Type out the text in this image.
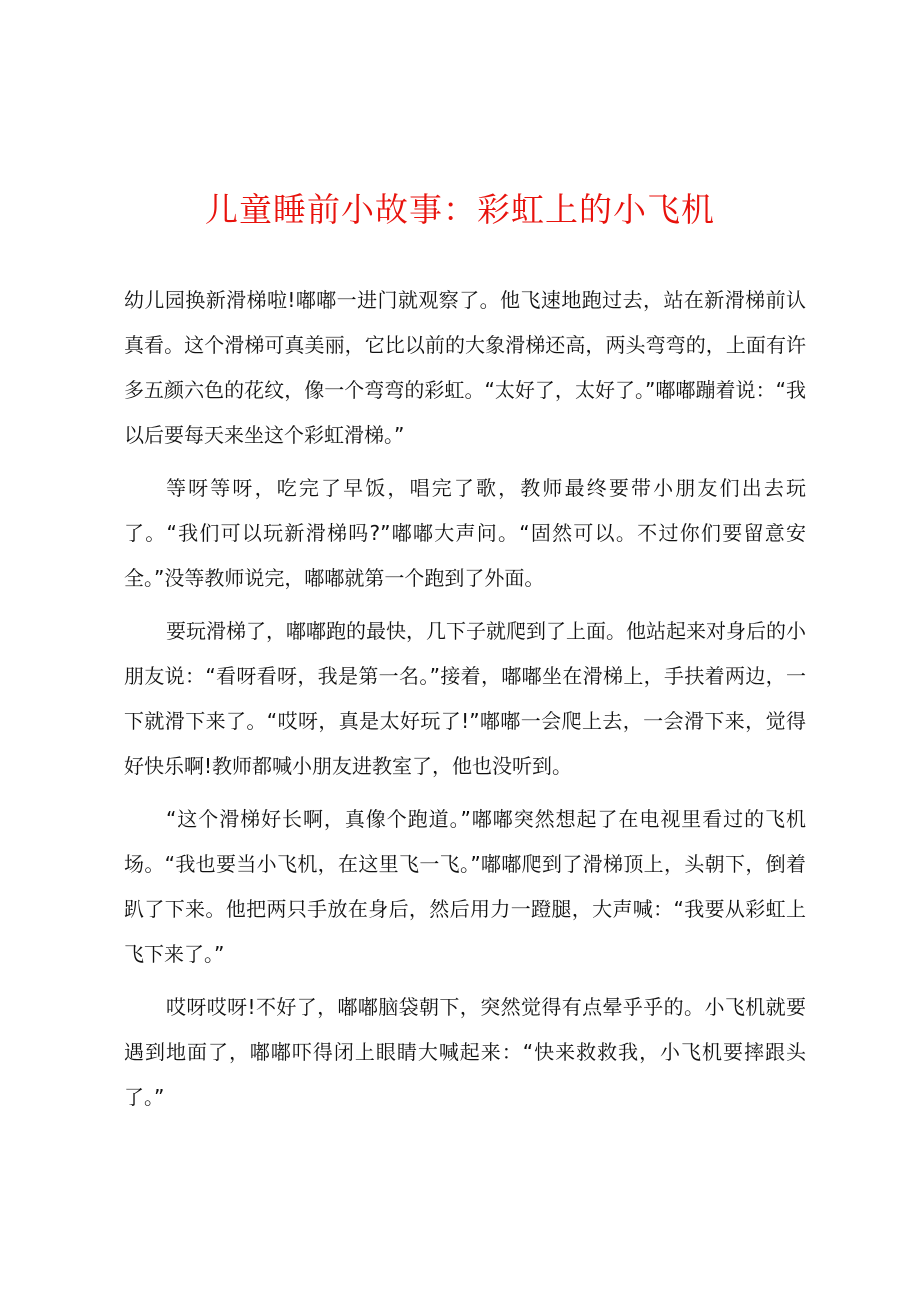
儿童睡前小故事：彩虹上的小飞机

幼儿园换新滑梯啦!嘟嘟一进门就观察了。他飞速地跑过去，站在新滑梯前认真看。这个滑梯可真美丽，它比以前的大象滑梯还高，两头弯弯的，上面有许多五颜六色的花纹，像一个弯弯的彩虹。“太好了，太好了。”嘟嘟蹦着说：“我以后要每天来坐这个彩虹滑梯。”

等呀等呀，吃完了早饭，唱完了歌，教师最终要带小朋友们出去玩了。“我们可以玩新滑梯吗?”嘟嘟大声问。“固然可以。不过你们要留意安全。”没等教师说完，嘟嘟就第一个跑到了外面。

要玩滑梯了，嘟嘟跑的最快，几下子就爬到了上面。他站起来对身后的小朋友说：“看呀看呀，我是第一名。”接着，嘟嘟坐在滑梯上，手扶着两边，一下就滑下来了。“哎呀，真是太好玩了!”嘟嘟一会爬上去，一会滑下来，觉得好快乐啊!教师都喊小朋友进教室了，他也没听到。

“这个滑梯好长啊，真像个跑道。”嘟嘟突然想起了在电视里看过的飞机场。“我也要当小飞机，在这里飞一飞。”嘟嘟爬到了滑梯顶上，头朝下，倒着趴了下来。他把两只手放在身后，然后用力一蹬腿，大声喊：“我要从彩虹上飞下来了。”

哎呀哎呀!不好了，嘟嘟脑袋朝下，突然觉得有点晕乎乎的。小飞机就要遇到地面了，嘟嘟吓得闭上眼睛大喊起来：“快来救救我，小飞机要摔跟头了。”
